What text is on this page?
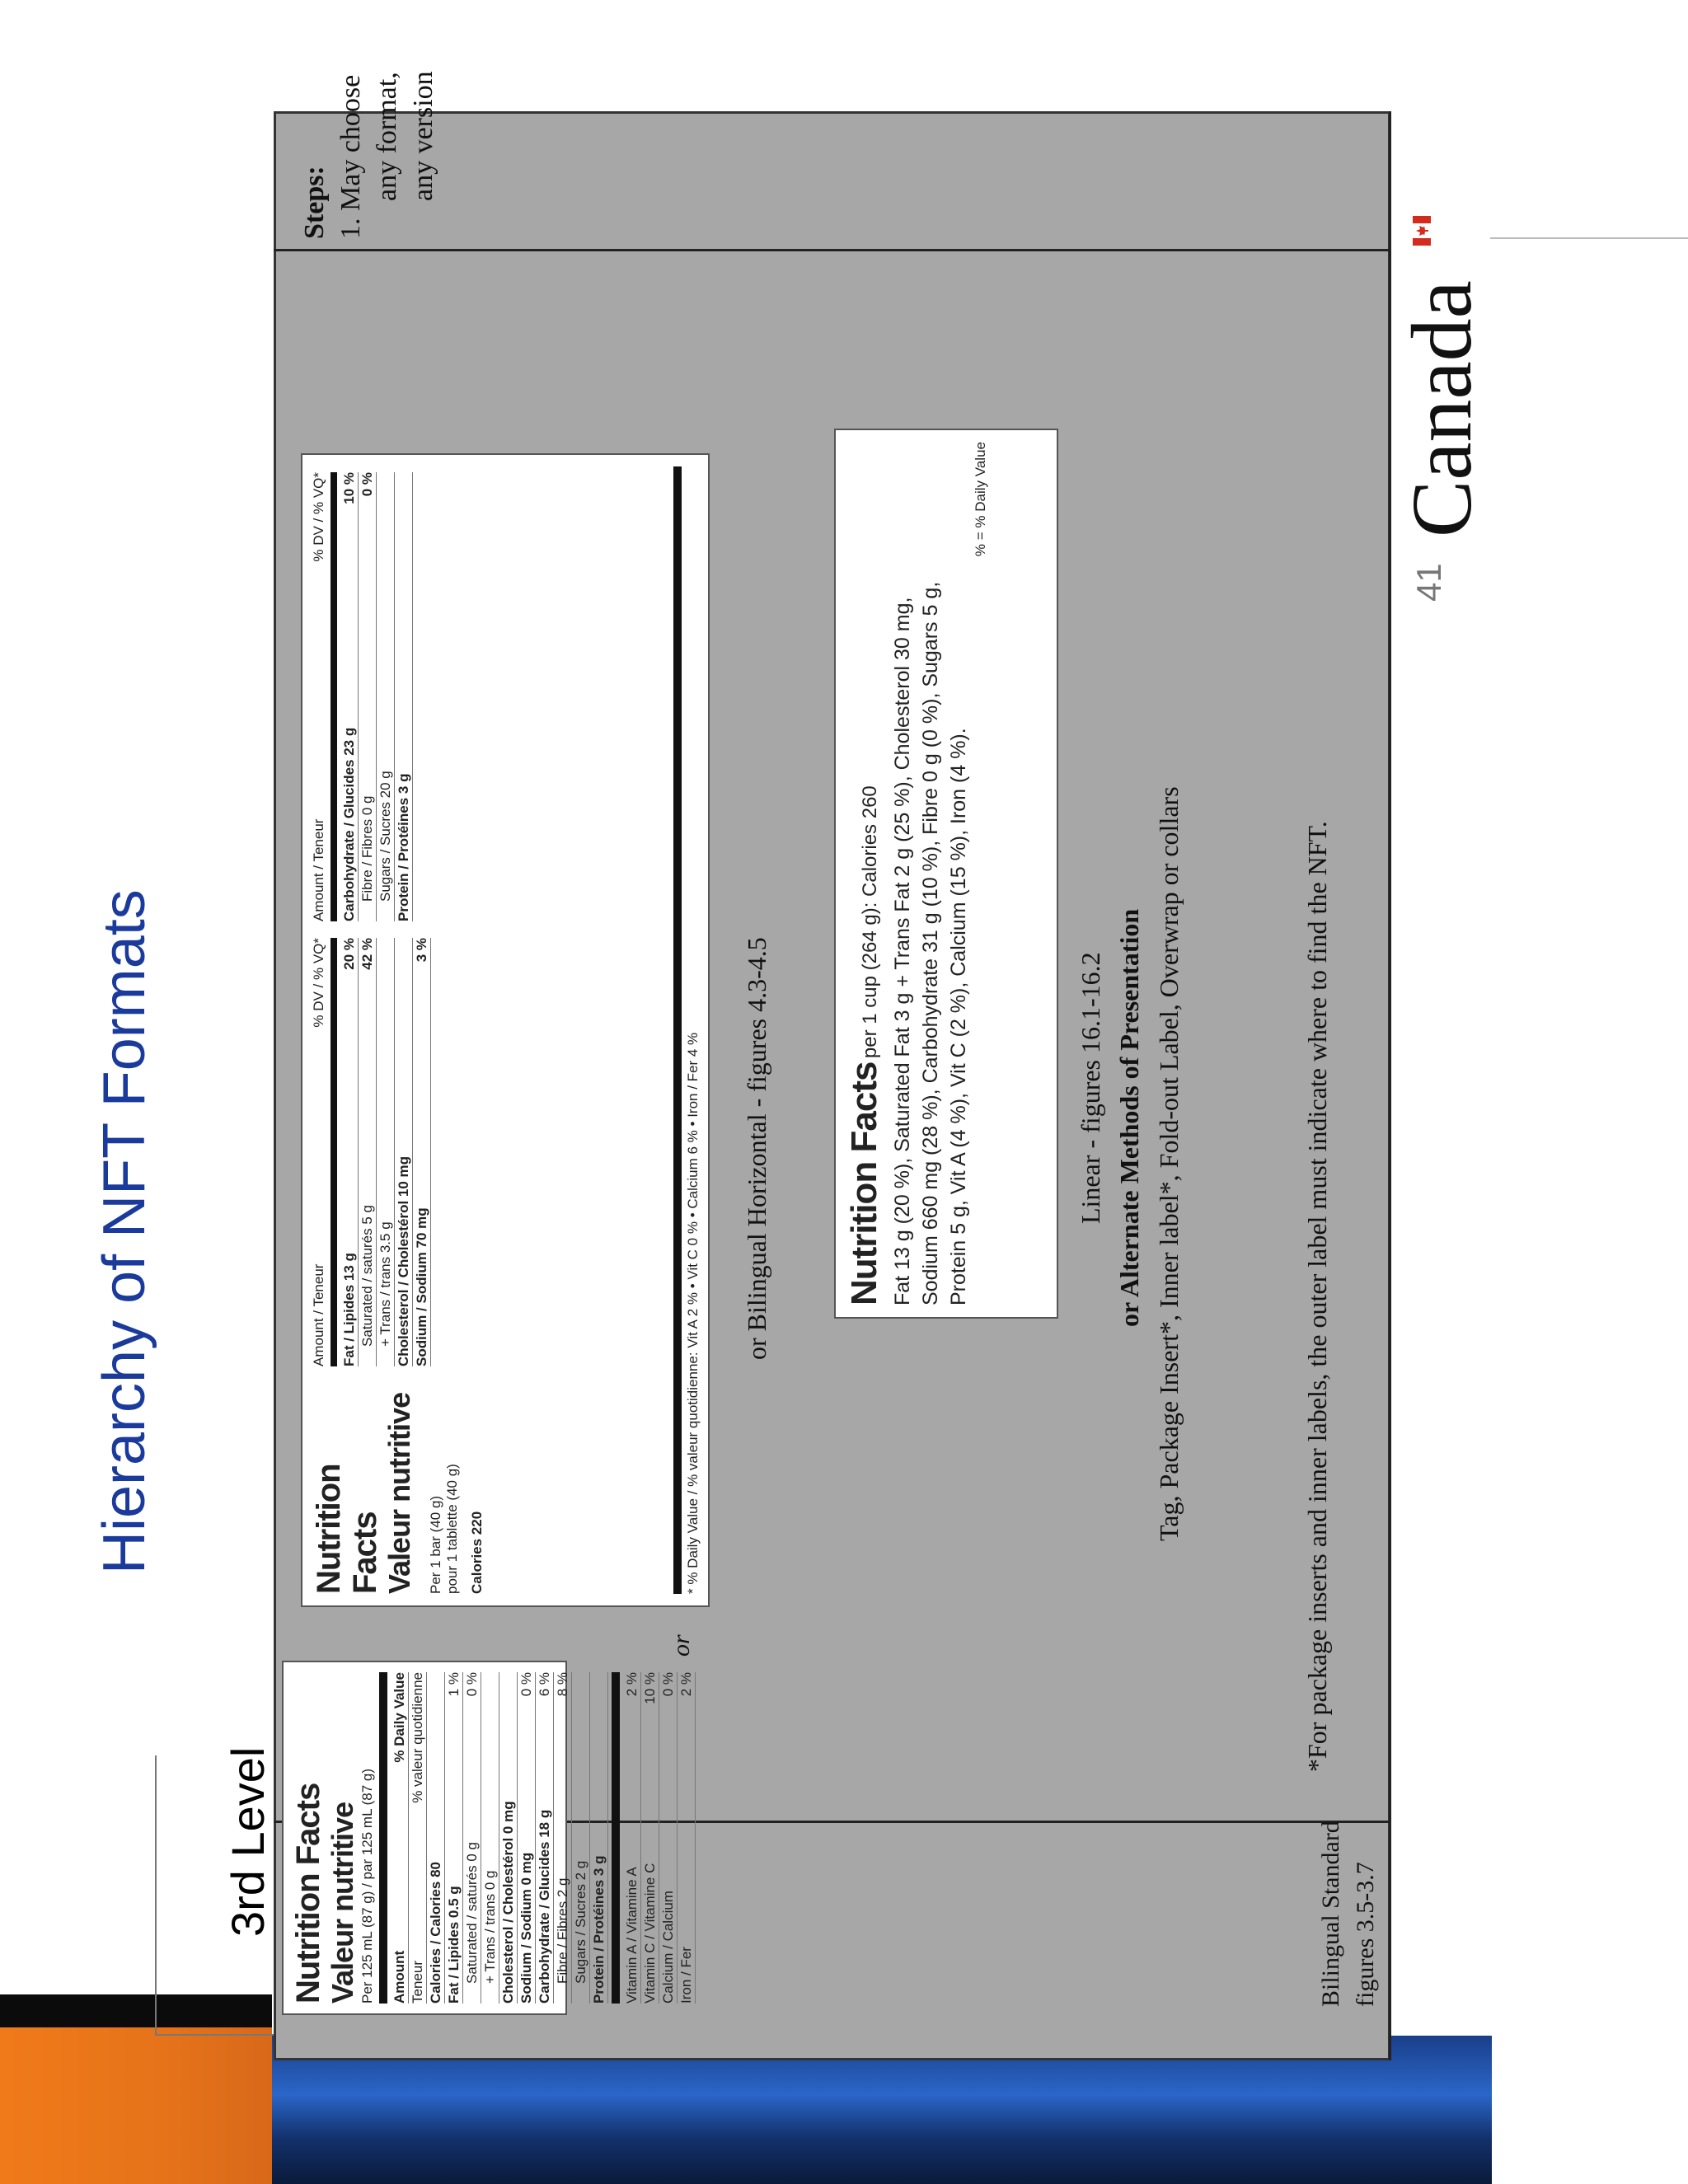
Hierarchy of NFT Formats
3rd Level Nutrition Facts Valeur nutritive Per 125 mL (87 g) / par 125 mL (87 g) Amount
% Daily Value
Teneur
% valeur quotidienne
Calories / Calories 80 Fat / Lipides 0.5 g
1 %
Saturated / saturés 0 g
0 %
+ Trans / trans 0 g Cholesterol / Cholestérol 0 mg Sodium / Sodium 0 mg
0 %
Carbohydrate / Glucides 18 g
6 %
Fibre / Fibres 2 g
8 %
Sugars / Sucres 2 g Protein / Protéines 3 g Vitamin A / Vitamine A
2 %
Vitamin C / Vitamine C
10 %
Calcium / Calcium
0 %
Iron / Fer
2 %
or
Bilingual Standard figures 3.5-3.7
Nutrition Facts Valeur nutritive Per 1 bar (40 g) pour 1 tablette (40 g) Calories 220
Amount / Teneur
% DV / % VQ*
Fat / Lipides 13 g
20 %
Saturated / saturés 5 g
42 %
+ Trans / trans 3.5 g Cholesterol / Cholestérol 10 mg Sodium / Sodium 70 mg
3 %
Amount / Teneur
% DV / % VQ*
Carbohydrate / Glucides 23 g
10 %
Fibre / Fibres 0 g
0 %
Sugars / Sucres 20 g Protein / Protéines 3 g
* % Daily Value / % valeur quotidienne: Vit A 2 % • Vit C 0 % • Calcium 6 % • Iron / Fer 4 % or Bilingual Horizontal - figures 4.3-4.5 Nutrition Facts per 1 cup (264 g): Calories 260 Fat 13 g (20 %), Saturated Fat 3 g + Trans Fat 2 g (25 %), Cholesterol 30 mg, Sodium 660 mg (28 %), Carbohydrate 31 g (10 %), Fibre 0 g (0 %), Sugars 5 g, Protein 5 g, Vit A (4 %), Vit C (2 %), Calcium (15 %), Iron (4 %).
% = % Daily Value
Linear - figures 16.1-16.2 or Alternate Methods of Presentation Tag, Package Insert*, Inner label*, Fold-out Label, Overwrap or collars	*For package inserts and inner labels, the outer label must indicate where to find the NFT.
Steps: 1. May choose any format, any version
41
Canada
